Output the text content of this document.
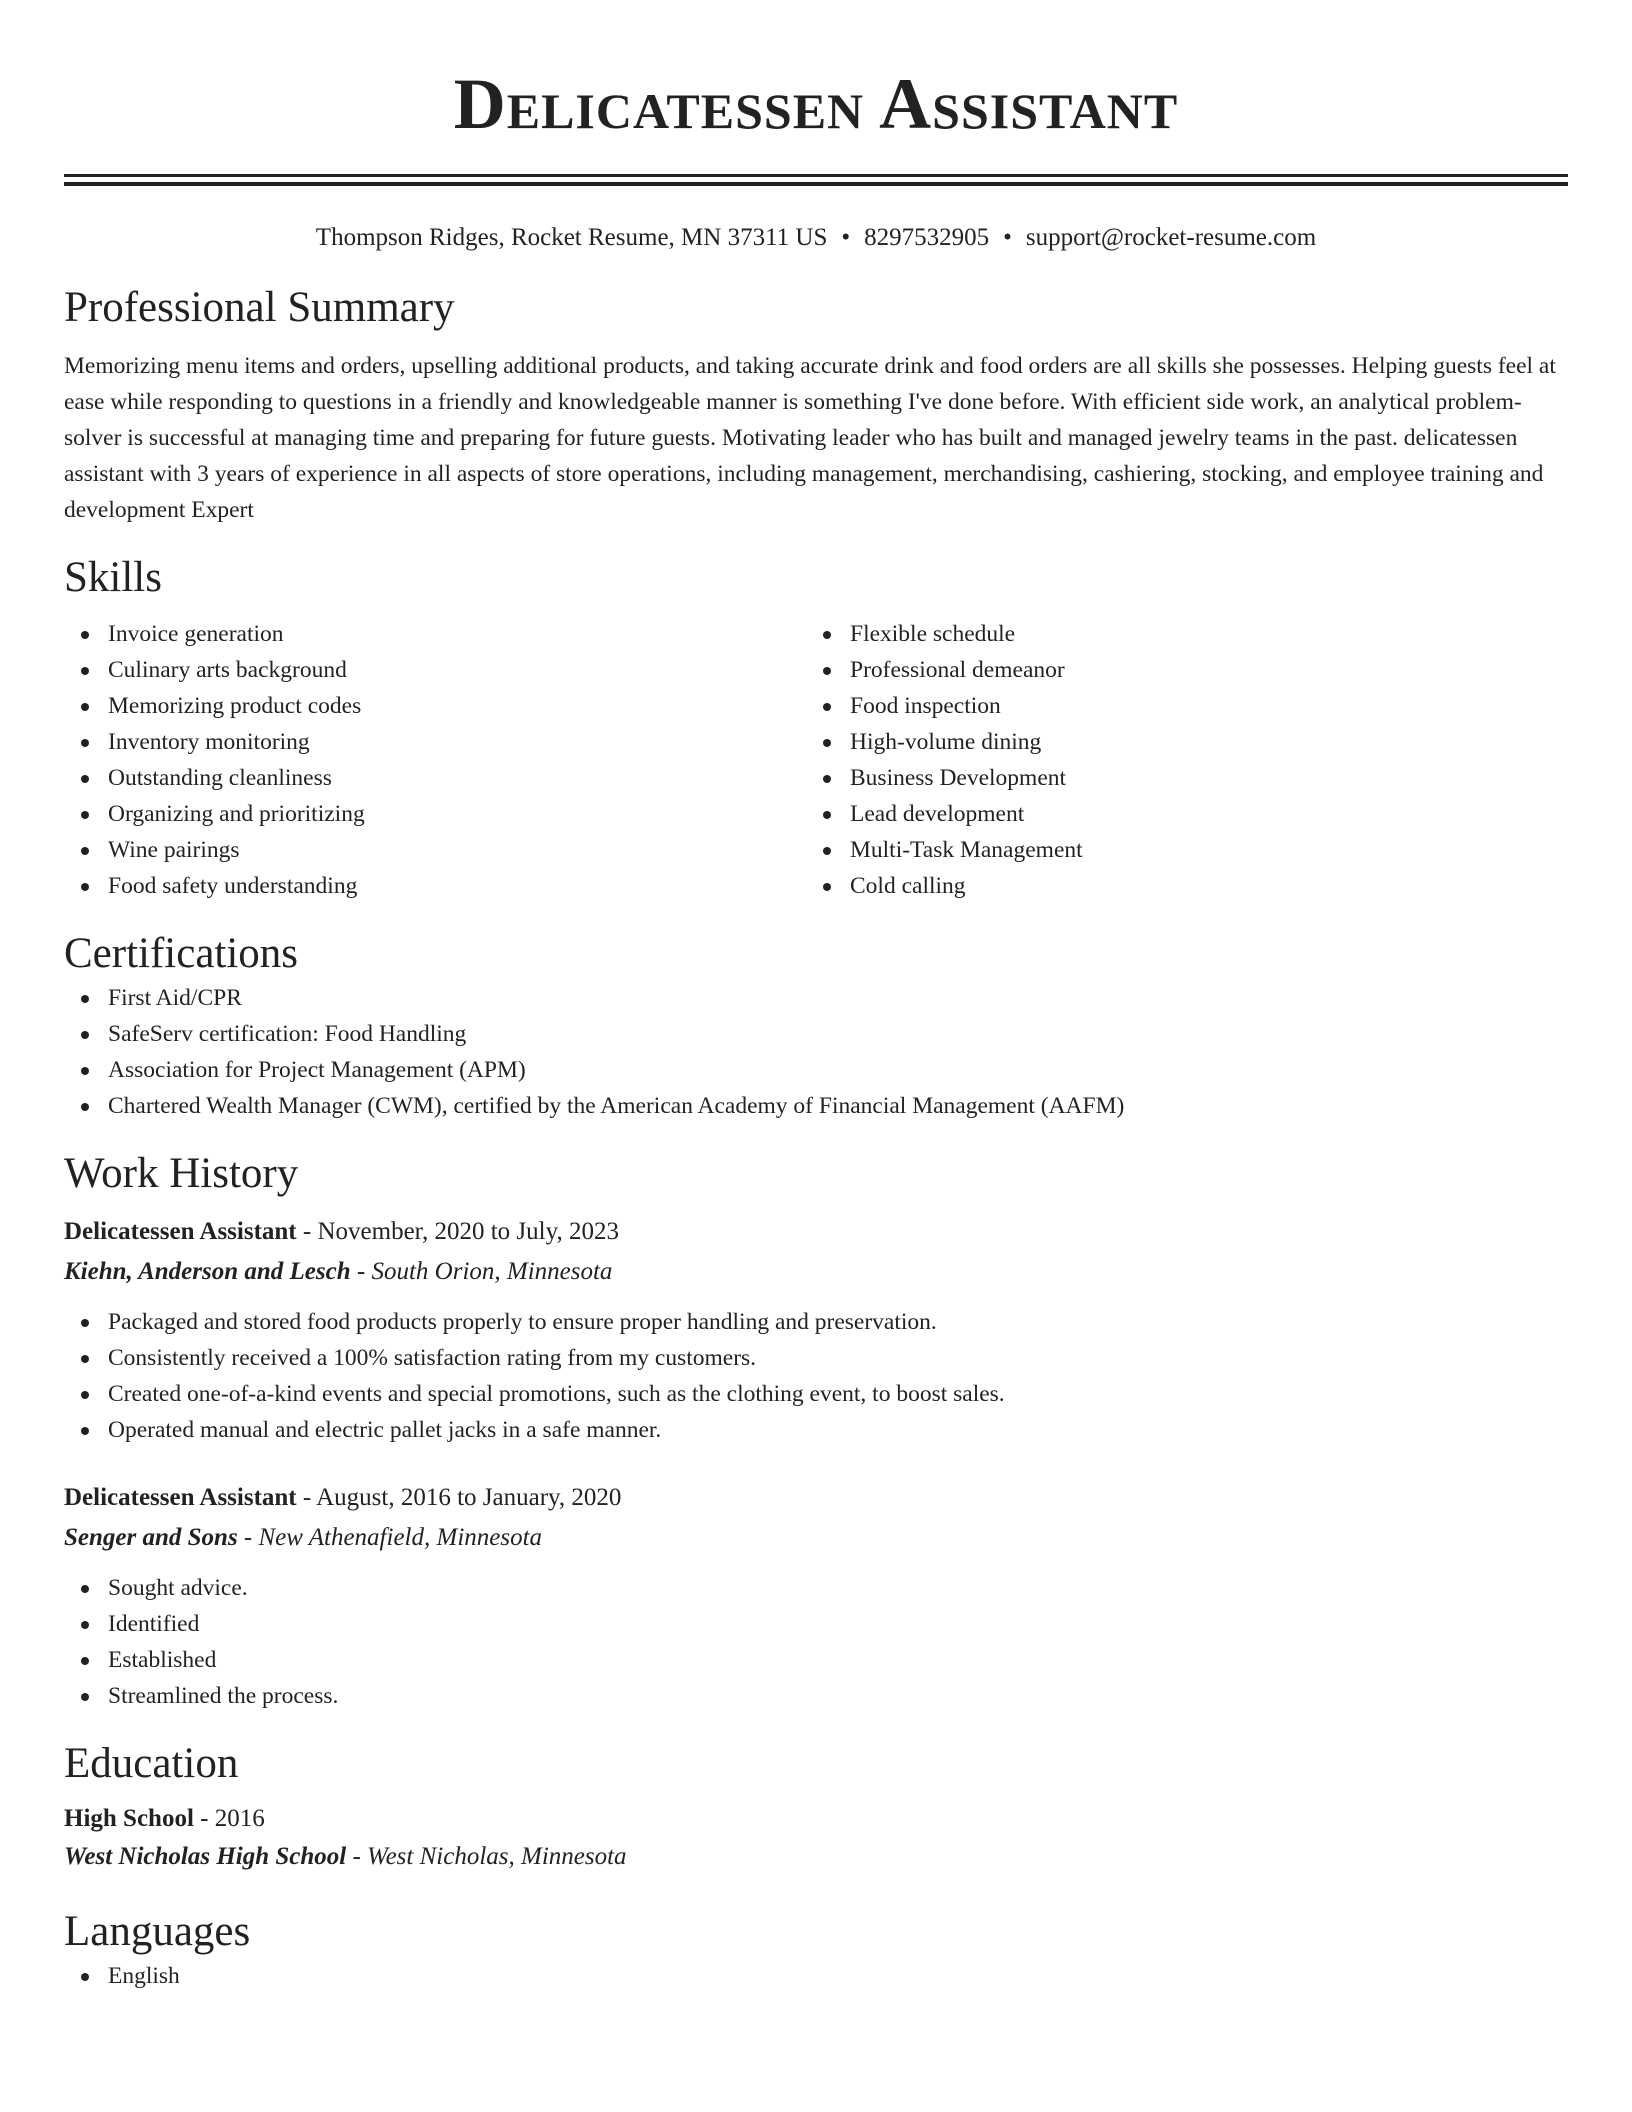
Delicatessen Assistant
Thompson Ridges, Rocket Resume, MN 37311 US • 8297532905 • support@rocket-resume.com
Professional Summary
Memorizing menu items and orders, upselling additional products, and taking accurate drink and food orders are all skills she possesses. Helping guests feel at ease while responding to questions in a friendly and knowledgeable manner is something I've done before. With efficient side work, an analytical problem-solver is successful at managing time and preparing for future guests. Motivating leader who has built and managed jewelry teams in the past. delicatessen assistant with 3 years of experience in all aspects of store operations, including management, merchandising, cashiering, stocking, and employee training and development Expert
Skills
Invoice generation
Culinary arts background
Memorizing product codes
Inventory monitoring
Outstanding cleanliness
Organizing and prioritizing
Wine pairings
Food safety understanding
Flexible schedule
Professional demeanor
Food inspection
High-volume dining
Business Development
Lead development
Multi-Task Management
Cold calling
Certifications
First Aid/CPR
SafeServ certification: Food Handling
Association for Project Management (APM)
Chartered Wealth Manager (CWM), certified by the American Academy of Financial Management (AAFM)
Work History
Delicatessen Assistant - November, 2020 to July, 2023
Kiehn, Anderson and Lesch - South Orion, Minnesota
Packaged and stored food products properly to ensure proper handling and preservation.
Consistently received a 100% satisfaction rating from my customers.
Created one-of-a-kind events and special promotions, such as the clothing event, to boost sales.
Operated manual and electric pallet jacks in a safe manner.
Delicatessen Assistant - August, 2016 to January, 2020
Senger and Sons - New Athenafield, Minnesota
Sought advice.
Identified
Established
Streamlined the process.
Education
High School - 2016
West Nicholas High School - West Nicholas, Minnesota
Languages
English
